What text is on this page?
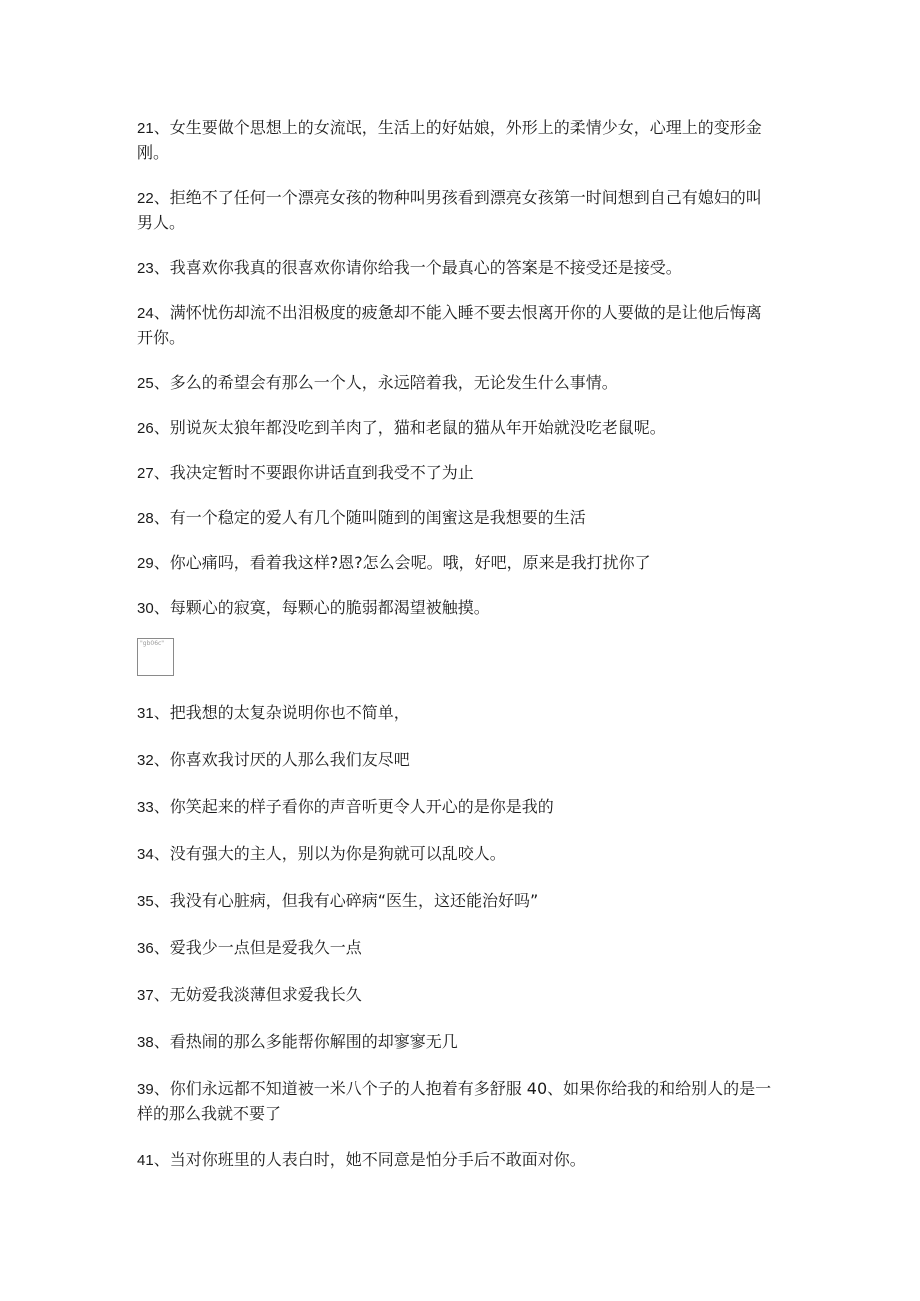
21、女生要做个思想上的女流氓，生活上的好姑娘，外形上的柔情少女，心理上的变形金刚。
22、拒绝不了任何一个漂亮女孩的物种叫男孩看到漂亮女孩第一时间想到自己有媳妇的叫男人。
23、我喜欢你我真的很喜欢你请你给我一个最真心的答案是不接受还是接受。
24、满怀忧伤却流不出泪极度的疲惫却不能入睡不要去恨离开你的人要做的是让他后悔离开你。
25、多么的希望会有那么一个人，永远陪着我，无论发生什么事情。
26、别说灰太狼年都没吃到羊肉了，猫和老鼠的猫从年开始就没吃老鼠呢。
27、我决定暂时不要跟你讲话直到我受不了为止
28、有一个稳定的爱人有几个随叫随到的闺蜜这是我想要的生活
29、你心痛吗，看着我这样?恩?怎么会呢。哦，好吧，原来是我打扰你了
30、每颗心的寂寞，每颗心的脆弱都渴望被触摸。
"gb06c"
31、把我想的太复杂说明你也不简单，
32、你喜欢我讨厌的人那么我们友尽吧
33、你笑起来的样子看你的声音听更令人开心的是你是我的
34、没有强大的主人，别以为你是狗就可以乱咬人。
35、我没有心脏病，但我有心碎病“医生，这还能治好吗”
36、爱我少一点但是爱我久一点
37、无妨爱我淡薄但求爱我长久
38、看热闹的那么多能帮你解围的却寥寥无几
39、你们永远都不知道被一米八个子的人抱着有多舒服 40、如果你给我的和给别人的是一样的那么我就不要了
41、当对你班里的人表白时，她不同意是怕分手后不敢面对你。
